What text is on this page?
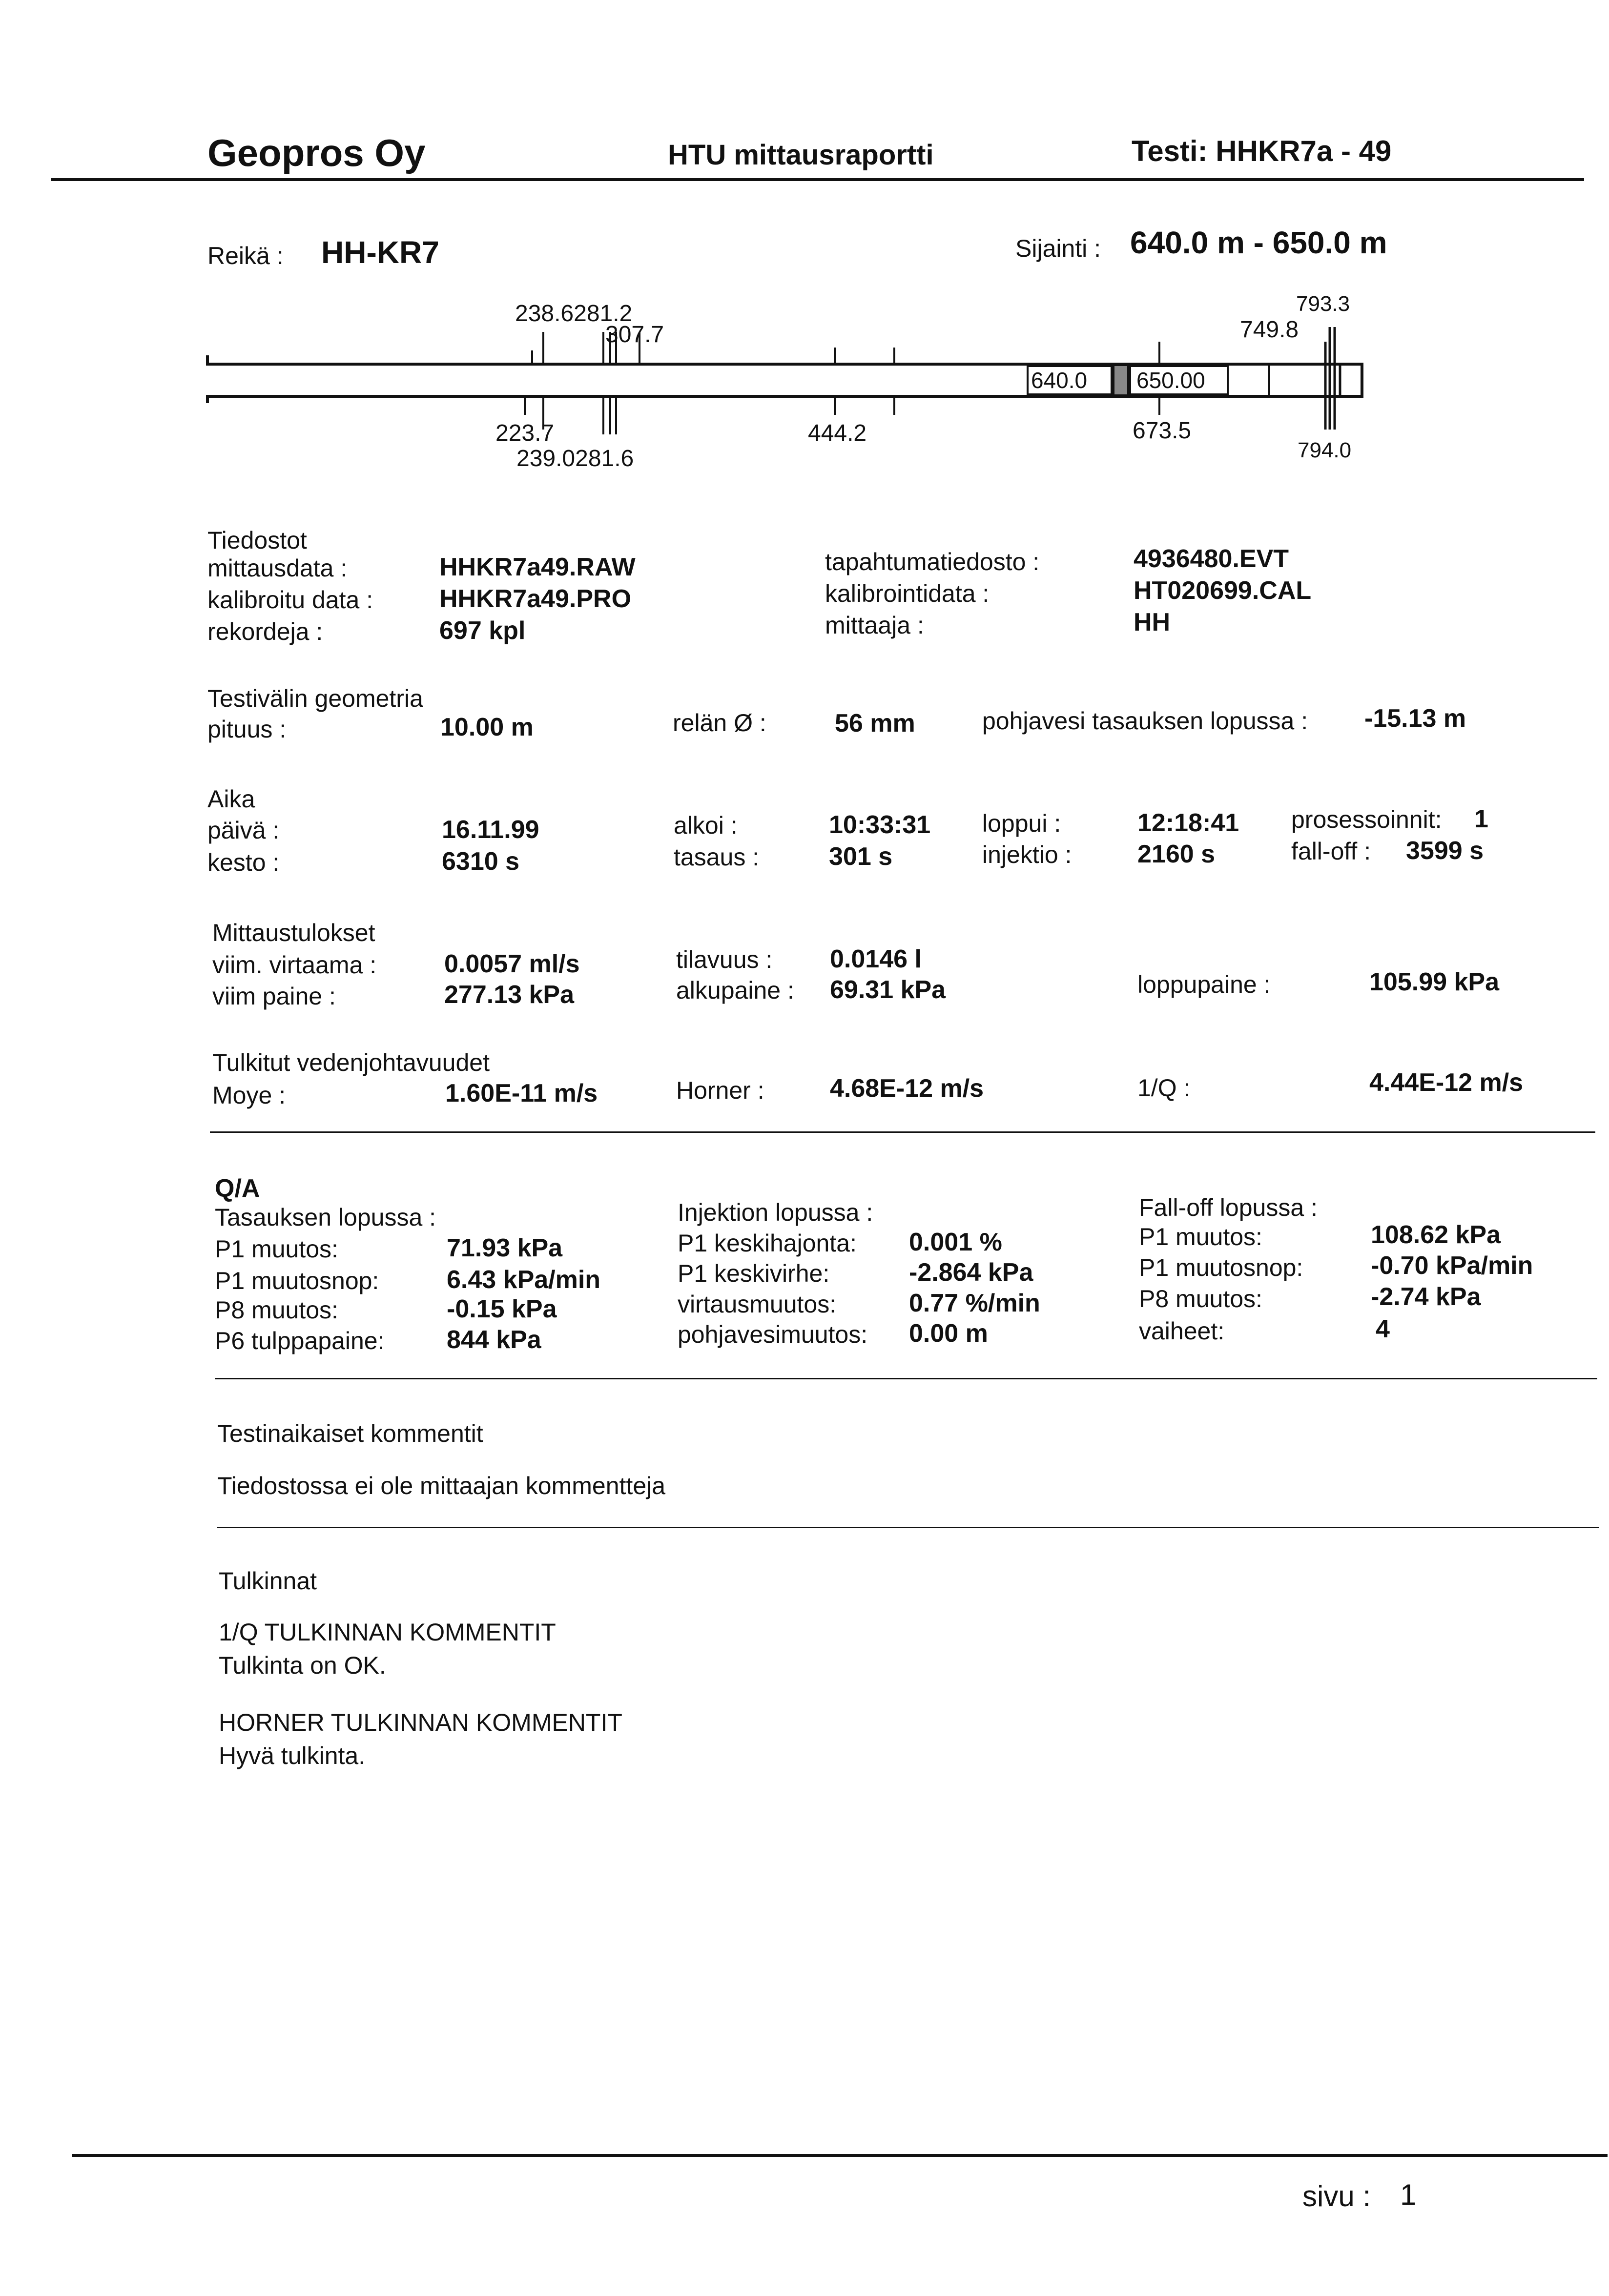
Geopros Oy	HTU mittausraportti	Testi: HHKR7a - 49
Reikä : HH-KR7	Sijainti : 640.0 m - 650.0 m
238.6281.2
307.7	749.8
793.3
223.7
239.0281.6
444.2	673.5
794.0
640.0 650.00
Tiedostot
mittausdata :	HHKR7a49.RAW
kalibroitu data :	HHKR7a49.PRO
rekordeja :	697 kpl
tapahtumatiedosto :	4936480.EVT
kalibrointidata :	HT020699.CAL
mittaaja :	HH
Testivälin geometria
pituus :	10.00 m	relän Ø :	56 mm	pohjavesi tasauksen lopussa : -15.13 m
Aika
päivä :	16.11.99
kesto :	6310 s
alkoi :	10:33:31
tasaus :	301 s
loppui :	12:18:41
injektio :	2160 s
prosessoinnit: 1
fall-off : 3599 s
Mittaustulokset
viim. virtaama :	0.0057 ml/s
viim paine :	277.13 kPa
tilavuus : 0.0146 l
alkupaine : 69.31 kPa	loppupaine :	105.99 kPa
Tulkitut vedenjohtavuudet
Moye :	1.60E-11 m/s	Horner :	4.68E-12 m/s	1/Q :	4.44E-12 m/s
Q/A
Tasauksen lopussa :
P1 muutos:	71.93 kPa
P1 muutosnop:	6.43 kPa/min
P8 muutos:	-0.15 kPa
P6 tulppapaine: 844 kPa
Injektion lopussa :
P1 keskihajonta: 0.001 %
P1 keskivirhe:	-2.864 kPa
virtausmuutos:	0.77 %/min
pohjavesimuutos: 0.00 m
Fall-off lopussa :
P1 muutos:	108.62 kPa
P1 muutosnop:	-0.70 kPa/min
P8 muutos:	-2.74 kPa
vaiheet:	4
Testinaikaiset kommentit
Tiedostossa ei ole mittaajan kommentteja
Tulkinnat
1/Q TULKINNAN KOMMENTIT
Tulkinta on OK.
HORNER TULKINNAN KOMMENTIT
Hyvä tulkinta.
sivu : 1
